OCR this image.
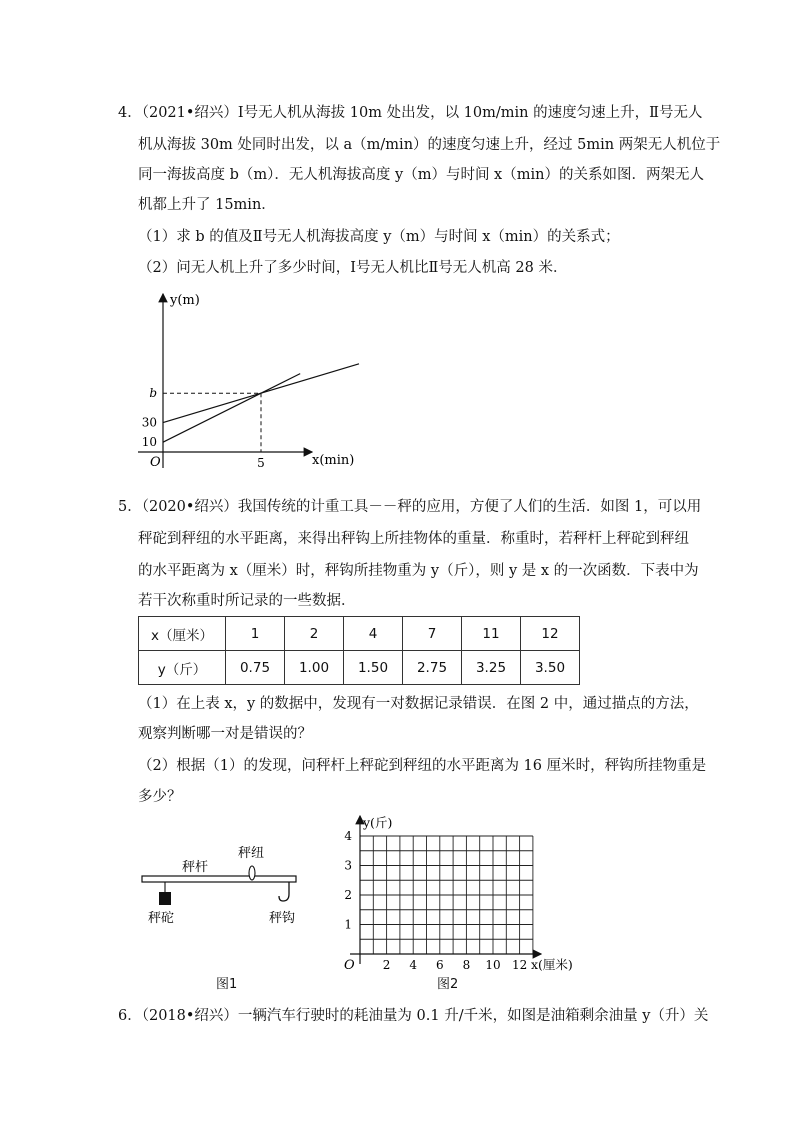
4．（2021•绍兴）Ⅰ号无人机从海拔 10m 处出发，以 10m/min 的速度匀速上升，Ⅱ号无人
机从海拔 30m 处同时出发，以 a（m/min）的速度匀速上升，经过 5min 两架无人机位于
同一海拔高度 b（m）．无人机海拔高度 y（m）与时间 x（min）的关系如图．两架无人
机都上升了 15min．
（1）求 b 的值及Ⅱ号无人机海拔高度 y（m）与时间 x（min）的关系式；
（2）问无人机上升了多少时间，Ⅰ号无人机比Ⅱ号无人机高 28 米．
y(m)
x(min)
O
10
30
b
5
5．（2020•绍兴）我国传统的计重工具－－秤的应用，方便了人们的生活．如图 1，可以用
秤砣到秤纽的水平距离，来得出秤钩上所挂物体的重量．称重时，若秤杆上秤砣到秤纽
的水平距离为 x（厘米）时，秤钩所挂物重为 y（斤），则 y 是 x 的一次函数．下表中为
若干次称重时所记录的一些数据．
x（厘米）	1	2	4	7	11	12
y（斤）	0.75	1.00	1.50	2.75	3.25	3.50
（1）在上表 x，y 的数据中，发现有一对数据记录错误．在图 2 中，通过描点的方法，
观察判断哪一对是错误的？
（2）根据（1）的发现，问秤杆上秤砣到秤纽的水平距离为 16 厘米时，秤钩所挂物重是
多少？
秤杆
秤纽
秤砣	秤钩
图1
y(斤)
x(厘米)
O 2 4 6 8 10 12
1
2
3
4
图2
6．（2018•绍兴）一辆汽车行驶时的耗油量为 0.1 升/千米，如图是油箱剩余油量 y（升）关
